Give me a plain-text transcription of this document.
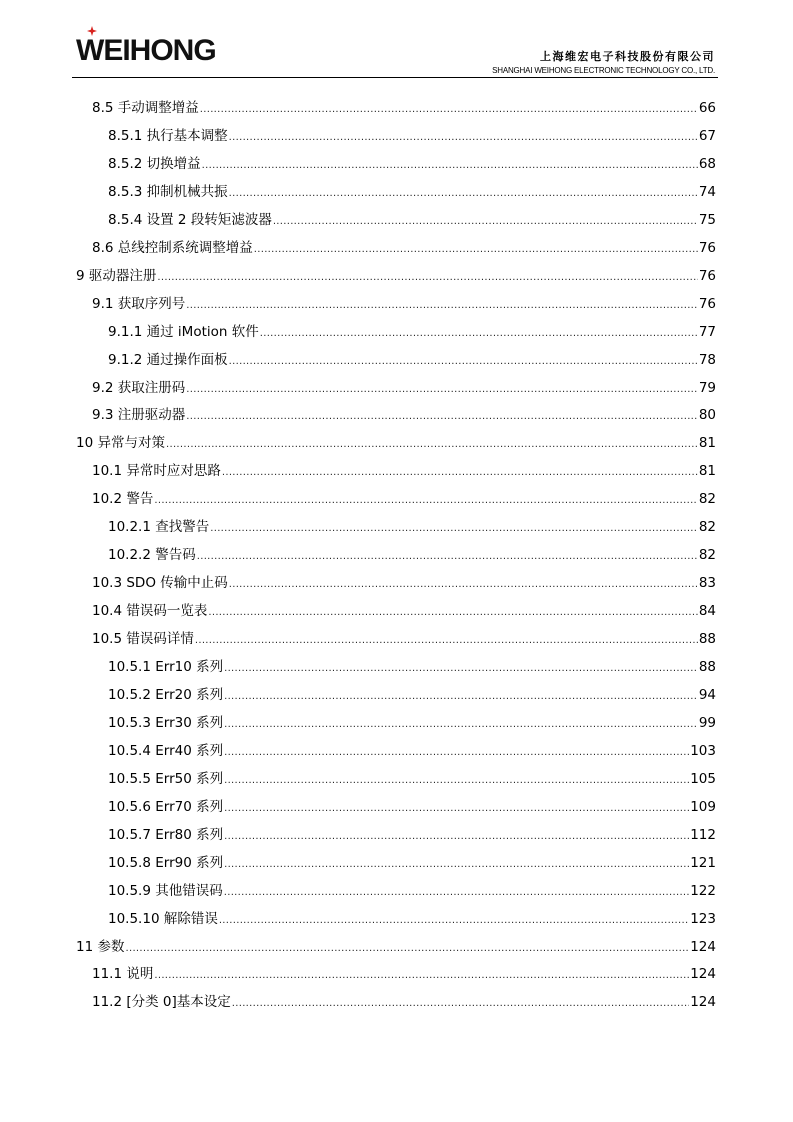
WEIHONG	上海维宏电子科技股份有限公司
SHANGHAI WEIHONG ELECTRONIC TECHNOLOGY CO., LTD.
8.5 手动调整增益 .....	66
8.5.1 执行基本调整 .....	67
8.5.2 切换增益 .....	68
8.5.3 抑制机械共振 .....	74
8.5.4 设置 2 段转矩滤波器 .....	75
8.6 总线控制系统调整增益 .....	76
9 驱动器注册 .....	76
9.1 获取序列号 .....	76
9.1.1 通过 iMotion 软件 .....	77
9.1.2 通过操作面板 .....	78
9.2 获取注册码 .....	79
9.3 注册驱动器 .....	80
10 异常与对策 .....	81
10.1 异常时应对思路 .....	81
10.2 警告 .....	82
10.2.1 查找警告 .....	82
10.2.2 警告码 .....	82
10.3 SDO 传输中止码 .....	83
10.4 错误码一览表 .....	84
10.5 错误码详情 .....	88
10.5.1 Err10 系列 .....	88
10.5.2 Err20 系列 .....	94
10.5.3 Err30 系列 .....	99
10.5.4 Err40 系列 .....	103
10.5.5 Err50 系列 .....	105
10.5.6 Err70 系列 .....	109
10.5.7 Err80 系列 .....	112
10.5.8 Err90 系列 .....	121
10.5.9 其他错误码 .....	122
10.5.10 解除错误 .....	123
11 参数 .....	124
11.1 说明 .....	124
11.2 [分类 0]基本设定 .....	124
